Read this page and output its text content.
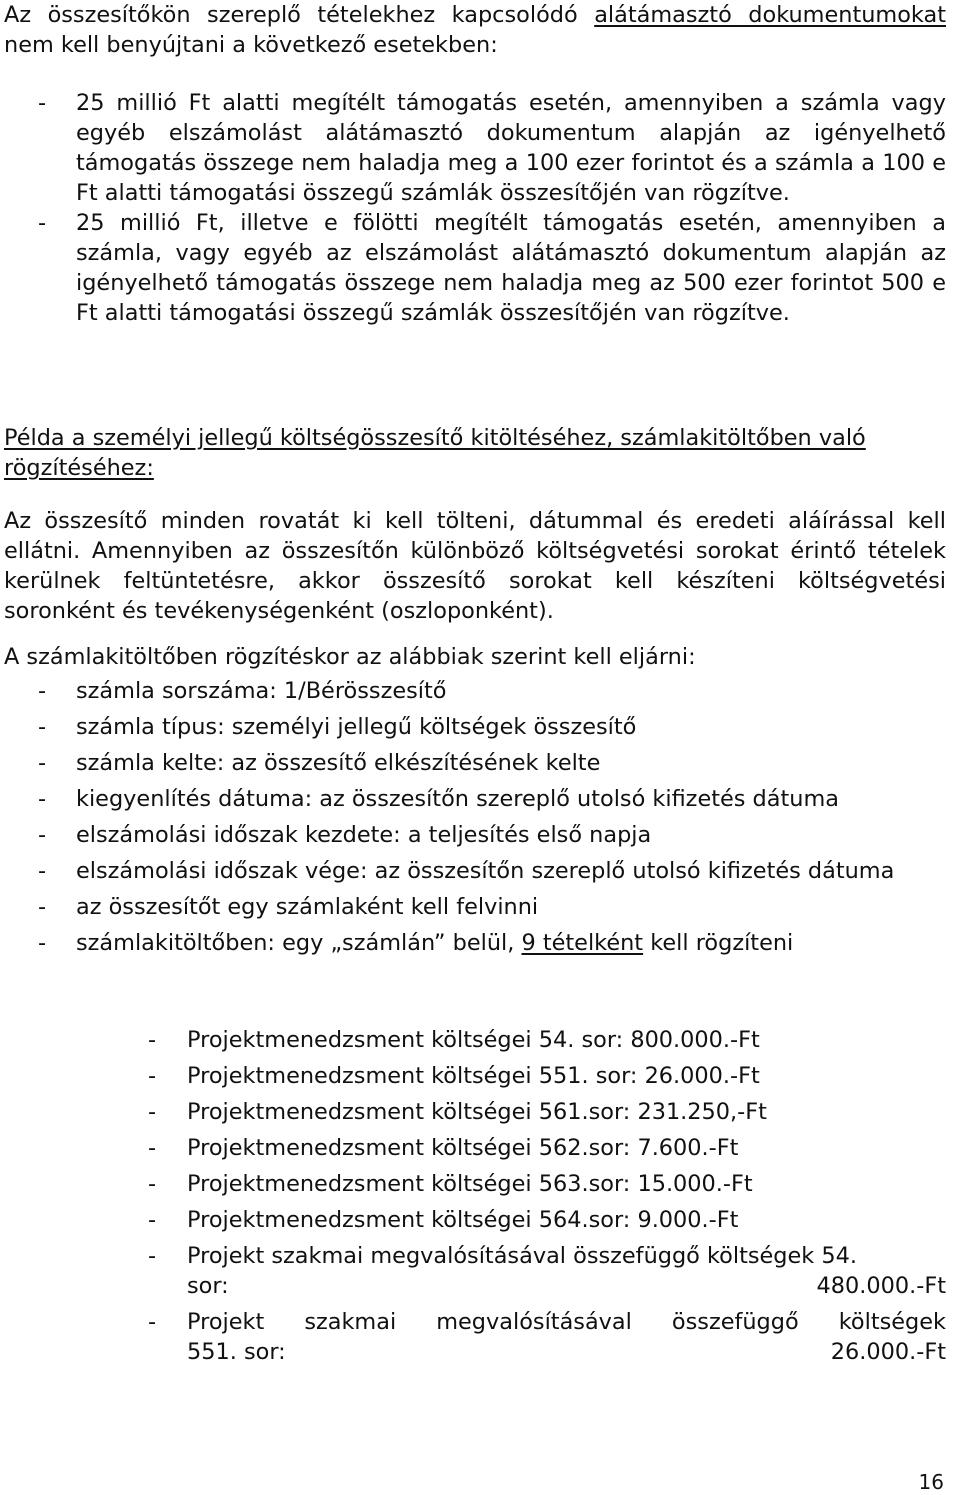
Az összesítőkön szereplő tételekhez kapcsolódó alátámasztó dokumentumokat nem kell benyújtani a következő esetekben:

- 25 millió Ft alatti megítélt támogatás esetén, amennyiben a számla vagy egyéb elszámolást alátámasztó dokumentum alapján az igényelhető támogatás összege nem haladja meg a 100 ezer forintot és a számla a 100 e Ft alatti támogatási összegű számlák összesítőjén van rögzítve.

- 25 millió Ft, illetve e fölötti megítélt támogatás esetén, amennyiben a számla, vagy egyéb az elszámolást alátámasztó dokumentum alapján az igényelhető támogatás összege nem haladja meg az 500 ezer forintot 500 e Ft alatti támogatási összegű számlák összesítőjén van rögzítve.

Példa a személyi jellegű költségösszesítő kitöltéséhez, számlakitöltőben való rögzítéséhez:

Az összesítő minden rovatát ki kell tölteni, dátummal és eredeti aláírással kell ellátni. Amennyiben az összesítőn különböző költségvetési sorokat érintő tételek kerülnek feltüntetésre, akkor összesítő sorokat kell készíteni költségvetési soronként és tevékenységenként (oszloponként).

A számlakitöltőben rögzítéskor az alábbiak szerint kell eljárni:

- számla sorszáma: 1/Bérösszesítő

- számla típus: személyi jellegű költségek összesítő

- számla kelte: az összesítő elkészítésének kelte

- kiegyenlítés dátuma: az összesítőn szereplő utolsó kifizetés dátuma

- elszámolási időszak kezdete: a teljesítés első napja

- elszámolási időszak vége: az összesítőn szereplő utolsó kifizetés dátuma

- az összesítőt egy számlaként kell felvinni

- számlakitöltőben: egy „számlán” belül, 9 tételként kell rögzíteni

- Projektmenedzsment költségei 54. sor: 800.000.-Ft

- Projektmenedzsment költségei 551. sor: 26.000.-Ft

- Projektmenedzsment költségei 561.sor: 231.250,-Ft

- Projektmenedzsment költségei 562.sor: 7.600.-Ft

- Projektmenedzsment költségei 563.sor: 15.000.-Ft

- Projektmenedzsment költségei 564.sor: 9.000.-Ft

- Projekt szakmai megvalósításával összefüggő költségek 54.

sor:	480.000.-Ft

- Projekt szakmai megvalósításával összefüggő költségek

551. sor:	26.000.-Ft

16
